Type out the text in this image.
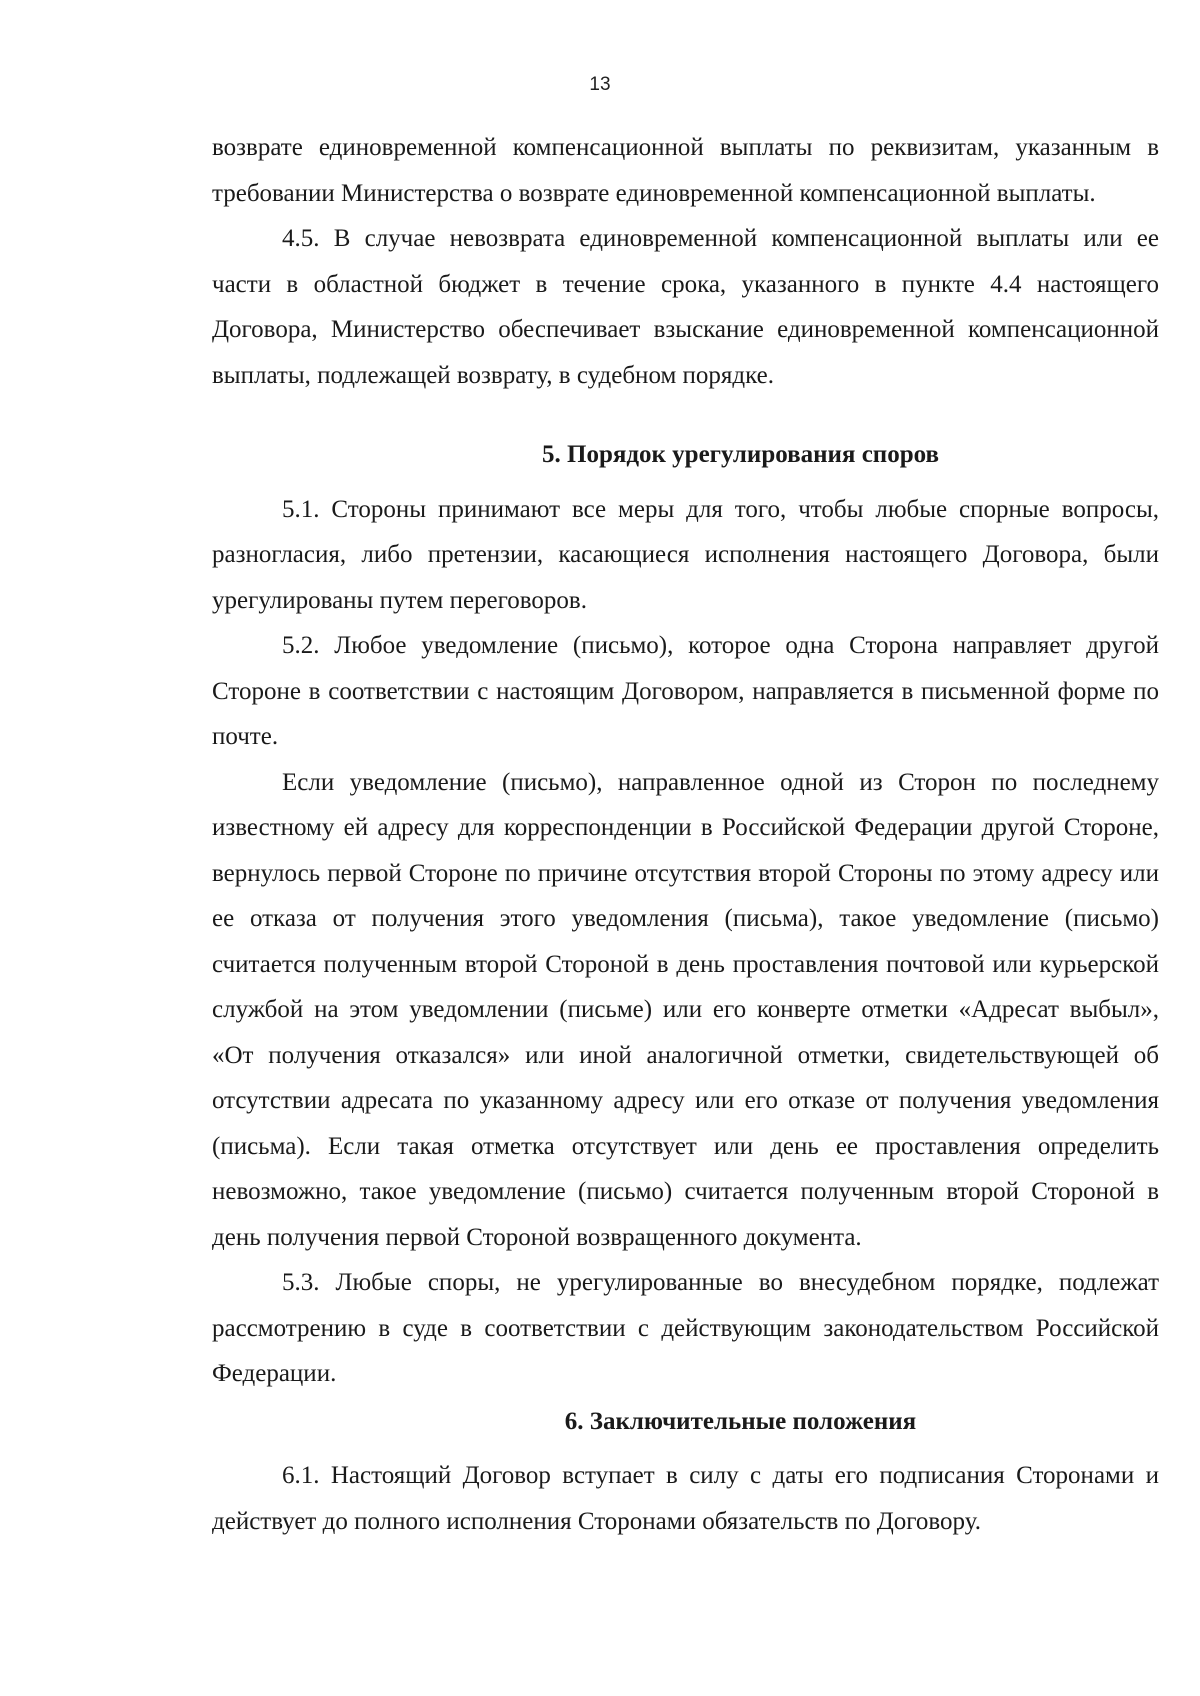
13

возврате единовременной компенсационной выплаты по реквизитам, указанным в требовании Министерства о возврате единовременной компенсационной выплаты.

4.5. В случае невозврата единовременной компенсационной выплаты или ее части в областной бюджет в течение срока, указанного в пункте 4.4 настоящего Договора, Министерство обеспечивает взыскание единовременной компенсационной выплаты, подлежащей возврату, в судебном порядке.

5. Порядок урегулирования споров

5.1. Стороны принимают все меры для того, чтобы любые спорные вопросы, разногласия, либо претензии, касающиеся исполнения настоящего Договора, были урегулированы путем переговоров.

5.2. Любое уведомление (письмо), которое одна Сторона направляет другой Стороне в соответствии с настоящим Договором, направляется в письменной форме по почте.

Если уведомление (письмо), направленное одной из Сторон по последнему известному ей адресу для корреспонденции в Российской Федерации другой Стороне, вернулось первой Стороне по причине отсутствия второй Стороны по этому адресу или ее отказа от получения этого уведомления (письма), такое уведомление (письмо) считается полученным второй Стороной в день проставления почтовой или курьерской службой на этом уведомлении (письме) или его конверте отметки «Адресат выбыл», «От получения отказался» или иной аналогичной отметки, свидетельствующей об отсутствии адресата по указанному адресу или его отказе от получения уведомления (письма). Если такая отметка отсутствует или день ее проставления определить невозможно, такое уведомление (письмо) считается полученным второй Стороной в день получения первой Стороной возвращенного документа.

5.3. Любые споры, не урегулированные во внесудебном порядке, подлежат рассмотрению в суде в соответствии с действующим законодательством Российской Федерации.

6. Заключительные положения

6.1. Настоящий Договор вступает в силу с даты его подписания Сторонами и действует до полного исполнения Сторонами обязательств по Договору.
